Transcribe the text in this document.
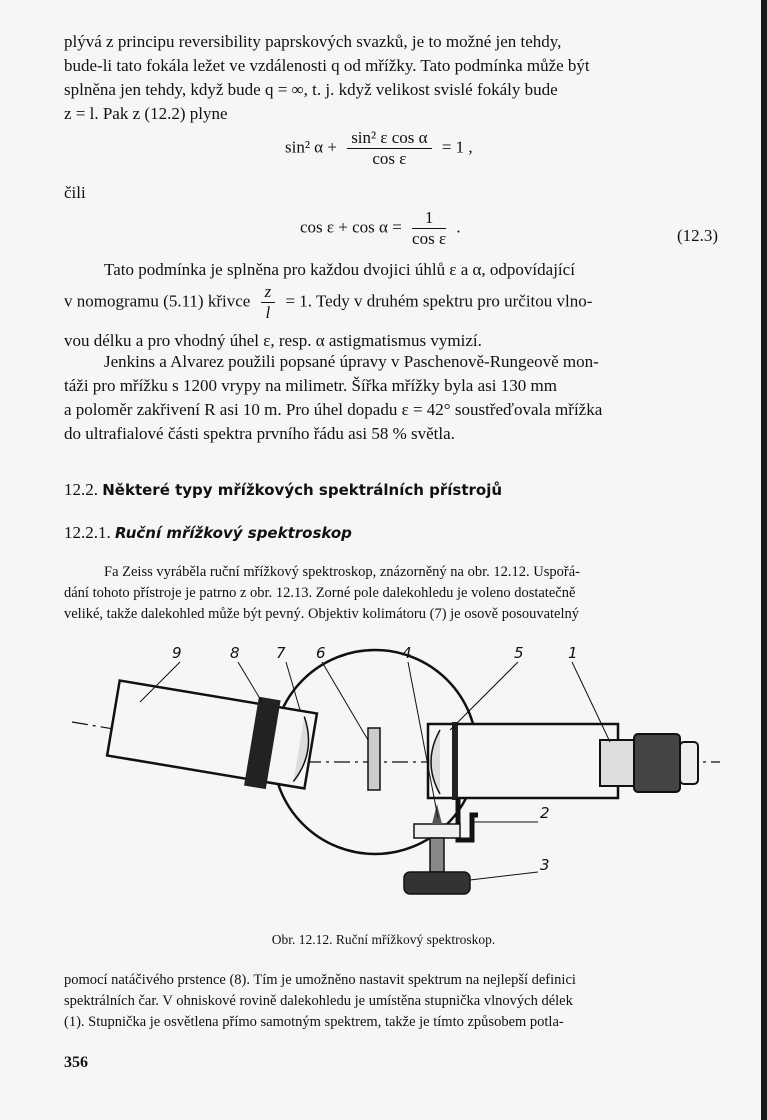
plývá z principu reversibility paprskových svazků, je to možné jen tehdy,

bude-li tato fokála ležet ve vzdálenosti q od mřížky. Tato podmínka může být

splněna jen tehdy, když bude q = ∞, t. j. když velikost svislé fokály bude

z = l. Pak z (12.2) plyne

sin² $\alpha + \frac{\text{sin² ε cos α}}{\text{cos ε}} = 1$ ,

čili

$\cos \varepsilon + \cos \alpha = \frac{1}{\text{cos ε}}$ .	(12.3)

Tato podmínka je splněna pro každou dvojici úhlů ε a α, odpovídající

v nomogramu (5.11) křivce $\frac{z}{l} = 1$. Tedy v druhém spektru pro určitou vlno-

vou délku a pro vhodný úhel ε, resp. α astigmatismus vymizí.

Jenkins a Alvarez použili popsané úpravy v Paschenově-Rungeově mon-

táži pro mřížku s 1200 vrypy na milimetr. Šířka mřížky byla asi 130 mm

a poloměr zakřivení R asi 10 m. Pro úhel dopadu ε = 42° soustřeďovala mřížka

do ultrafialové části spektra prvního řádu asi 58 % světla.

12.2. Některé typy mřížkových spektrálních přístrojů
12.2.1. Ruční mřížkový spektroskop

Fa Zeiss vyráběla ruční mřížkový spektroskop, znázorněný na obr. 12.12. Uspořá-

dání tohoto přístroje je patrno z obr. 12.13. Zorné pole dalekohledu je voleno dostatečně

veliké, takže dalekohled může být pevný. Objektiv kolimátoru (7) je osově posouvatelný

9	8 7 6	4	5	1
2
3
Obr. 12.12. Ruční mřížkový spektroskop.

pomocí natáčivého prstence (8). Tím je umožněno nastavit spektrum na nejlepší definici

spektrálních čar. V ohniskové rovině dalekohledu je umístěna stupnička vlnových délek

(1). Stupnička je osvětlena přímo samotným spektrem, takže je tímto způsobem potla-

356
